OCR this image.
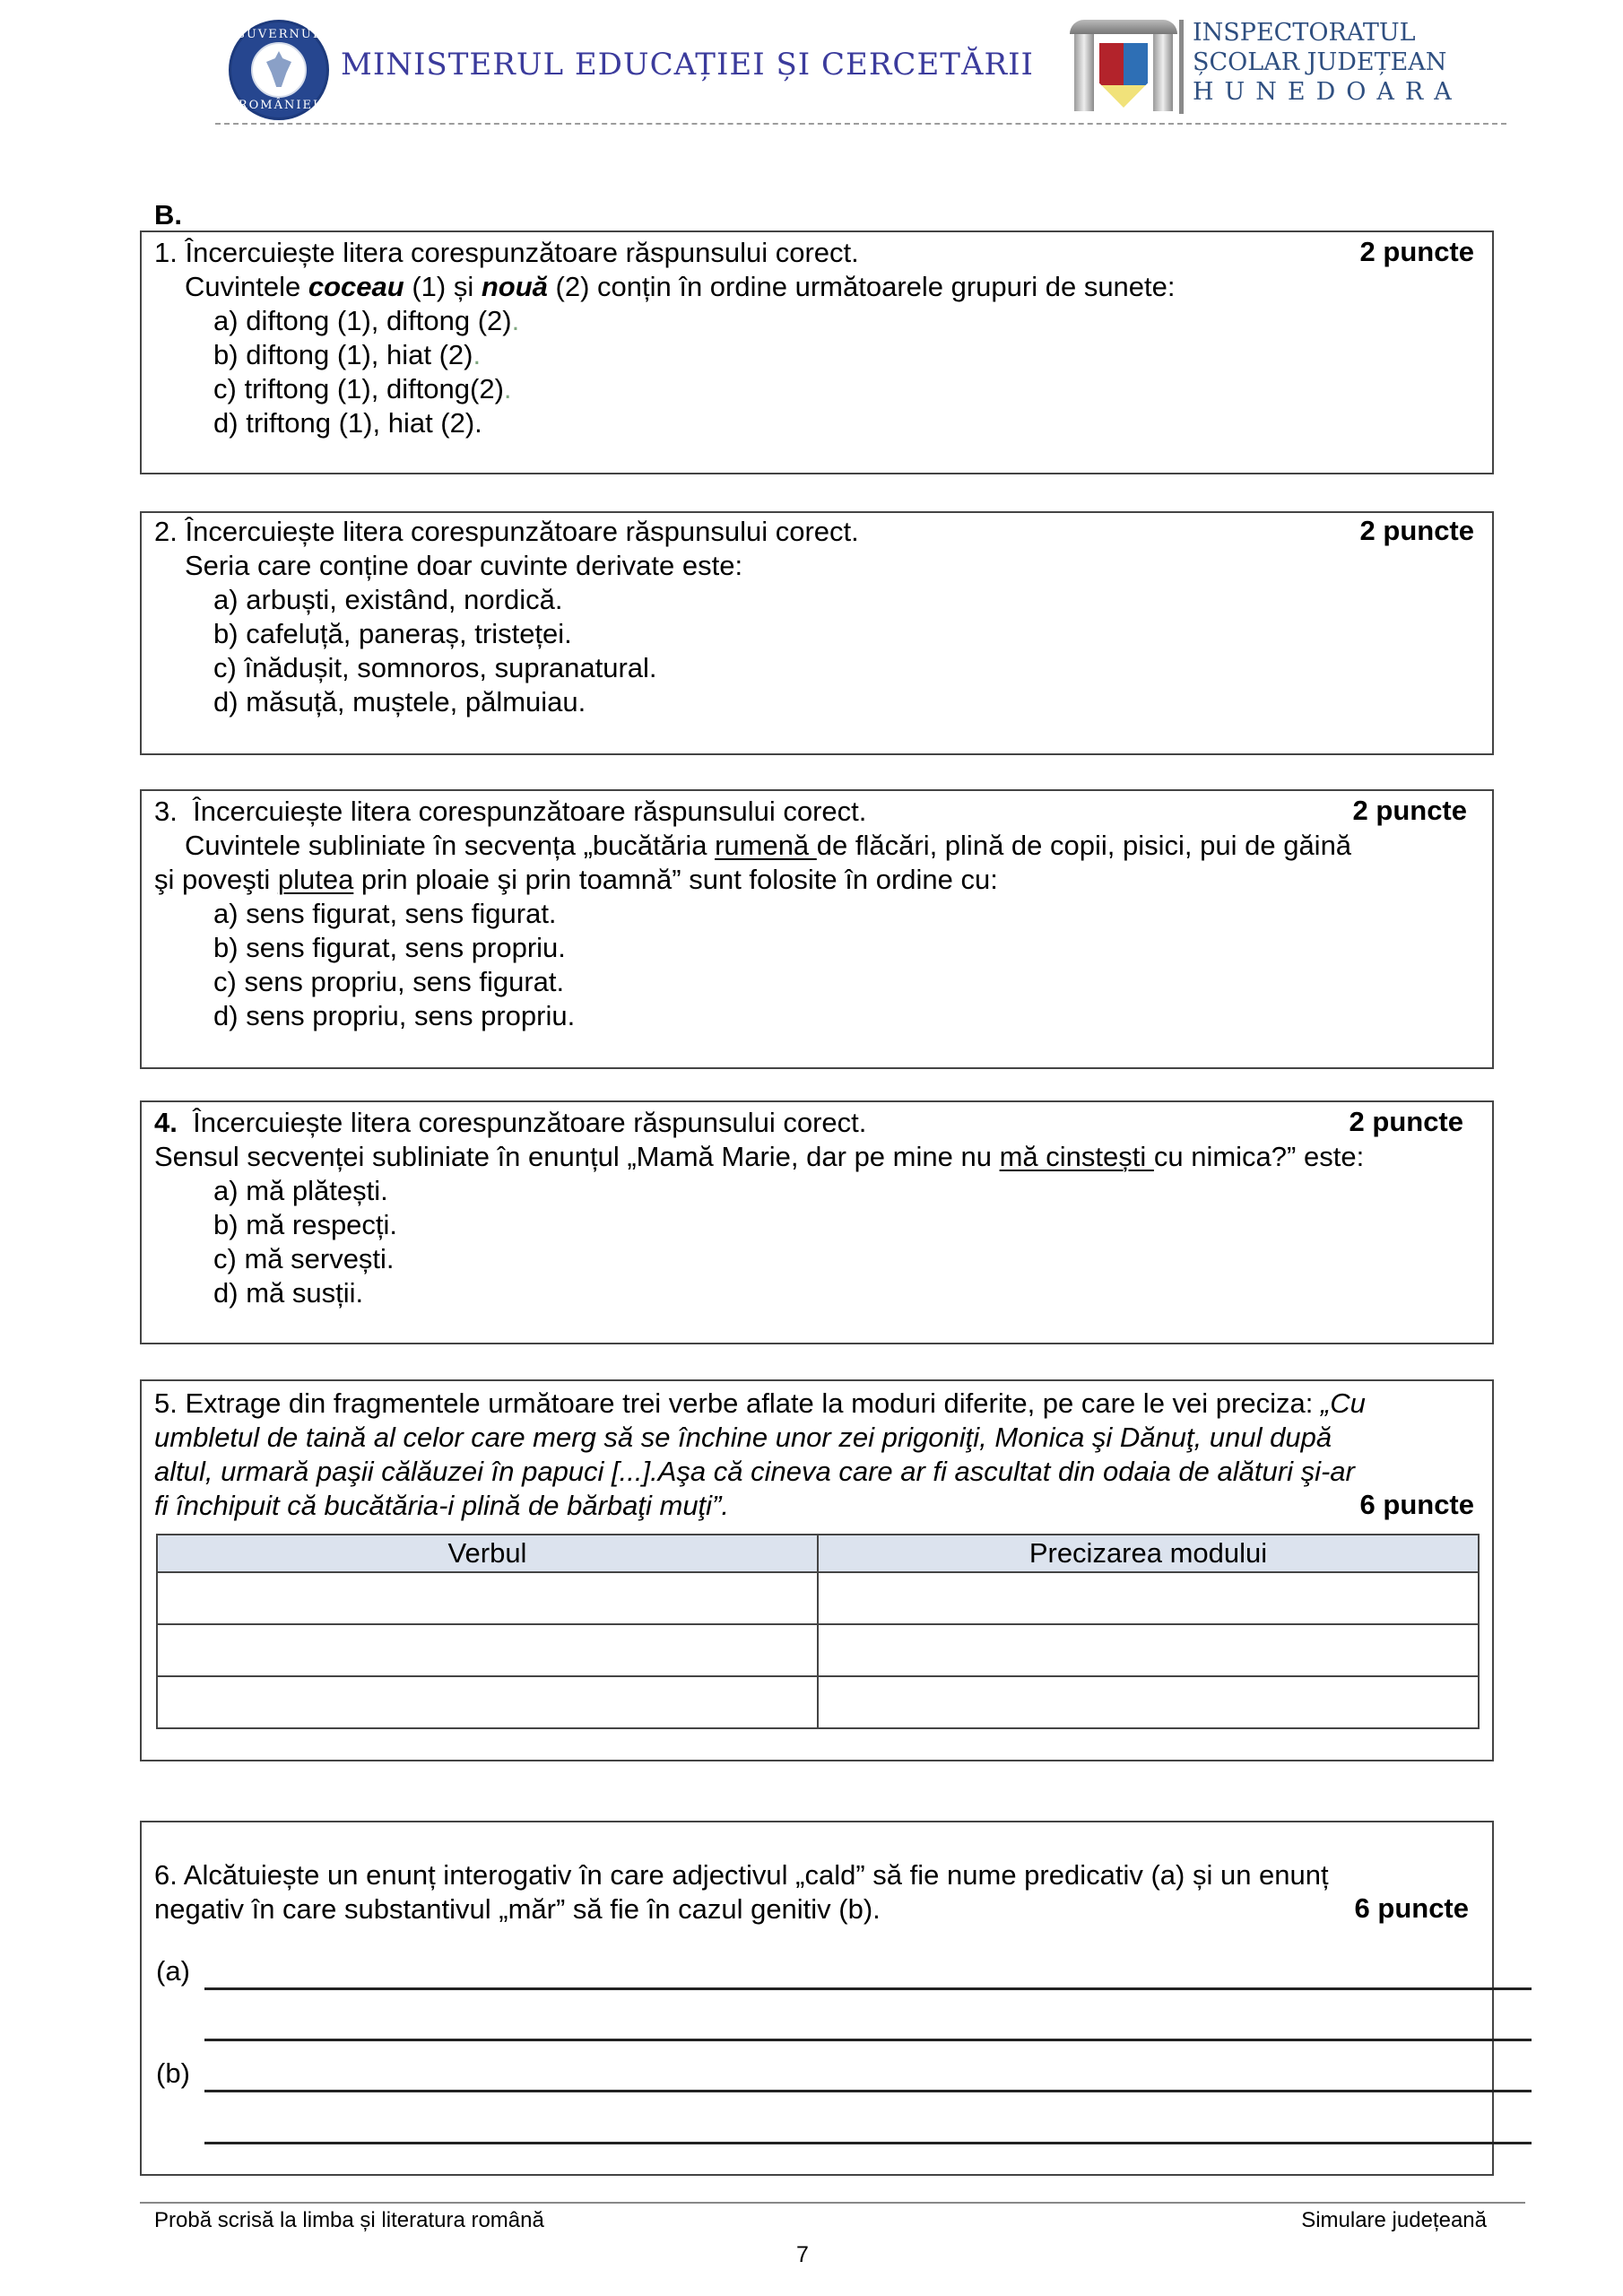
GUVERNUL
ROMÂNIEI
MINISTERUL EDUCAȚIEI ȘI CERCETĂRII
INSPECTORATUL
ȘCOLAR JUDEȚEAN
HUNEDOARA
B.
1. Încercuiește litera corespunzătoare răspunsului corect.	2 puncte
Cuvintele coceau (1) și nouă (2) conțin în ordine următoarele grupuri de sunete:
a) diftong (1), diftong (2).
b) diftong (1), hiat (2).
c) triftong (1), diftong(2).
d) triftong (1), hiat (2).
2. Încercuiește litera corespunzătoare răspunsului corect.	2 puncte
Seria care conține doar cuvinte derivate este:
a) arbuști, existând, nordică.
b) cafeluță, paneraș, tristeței.
c) înădușit, somnoros, supranatural.
d) măsuță, muștele, pălmuiau.
3. Încercuiește litera corespunzătoare răspunsului corect.	2 puncte
Cuvintele subliniate în secvența „bucătăria rumenă de flăcări, plină de copii, pisici, pui de găină
şi poveşti plutea prin ploaie şi prin toamnă” sunt folosite în ordine cu:
a) sens figurat, sens figurat.
b) sens figurat, sens propriu.
c) sens propriu, sens figurat.
d) sens propriu, sens propriu.
4. Încercuiește litera corespunzătoare răspunsului corect.	2 puncte
Sensul secvenței subliniate în enunțul „Mamă Marie, dar pe mine nu mă cinstești cu nimica?” este:
a) mă plătești.
b) mă respecți.
c) mă servești.
d) mă susții.
5. Extrage din fragmentele următoare trei verbe aflate la moduri diferite, pe care le vei preciza: „Cu
umbletul de taină al celor care merg să se închine unor zei prigoniţi, Monica şi Dănuţ, unul după
altul, urmară paşii călăuzei în papuci [...].Aşa că cineva care ar fi ascultat din odaia de alături şi-ar
fi închipuit că bucătăria-i plină de bărbaţi muţi”.	6 puncte
Verbul	Precizarea modului

6. Alcătuiește un enunț interogativ în care adjectivul „cald” să fie nume predicativ (a) și un enunț
negativ în care substantivul „măr” să fie în cazul genitiv (b).	6 puncte
(a)
(b)
Probă scrisă la limba și literatura română	Simulare județeană
7
